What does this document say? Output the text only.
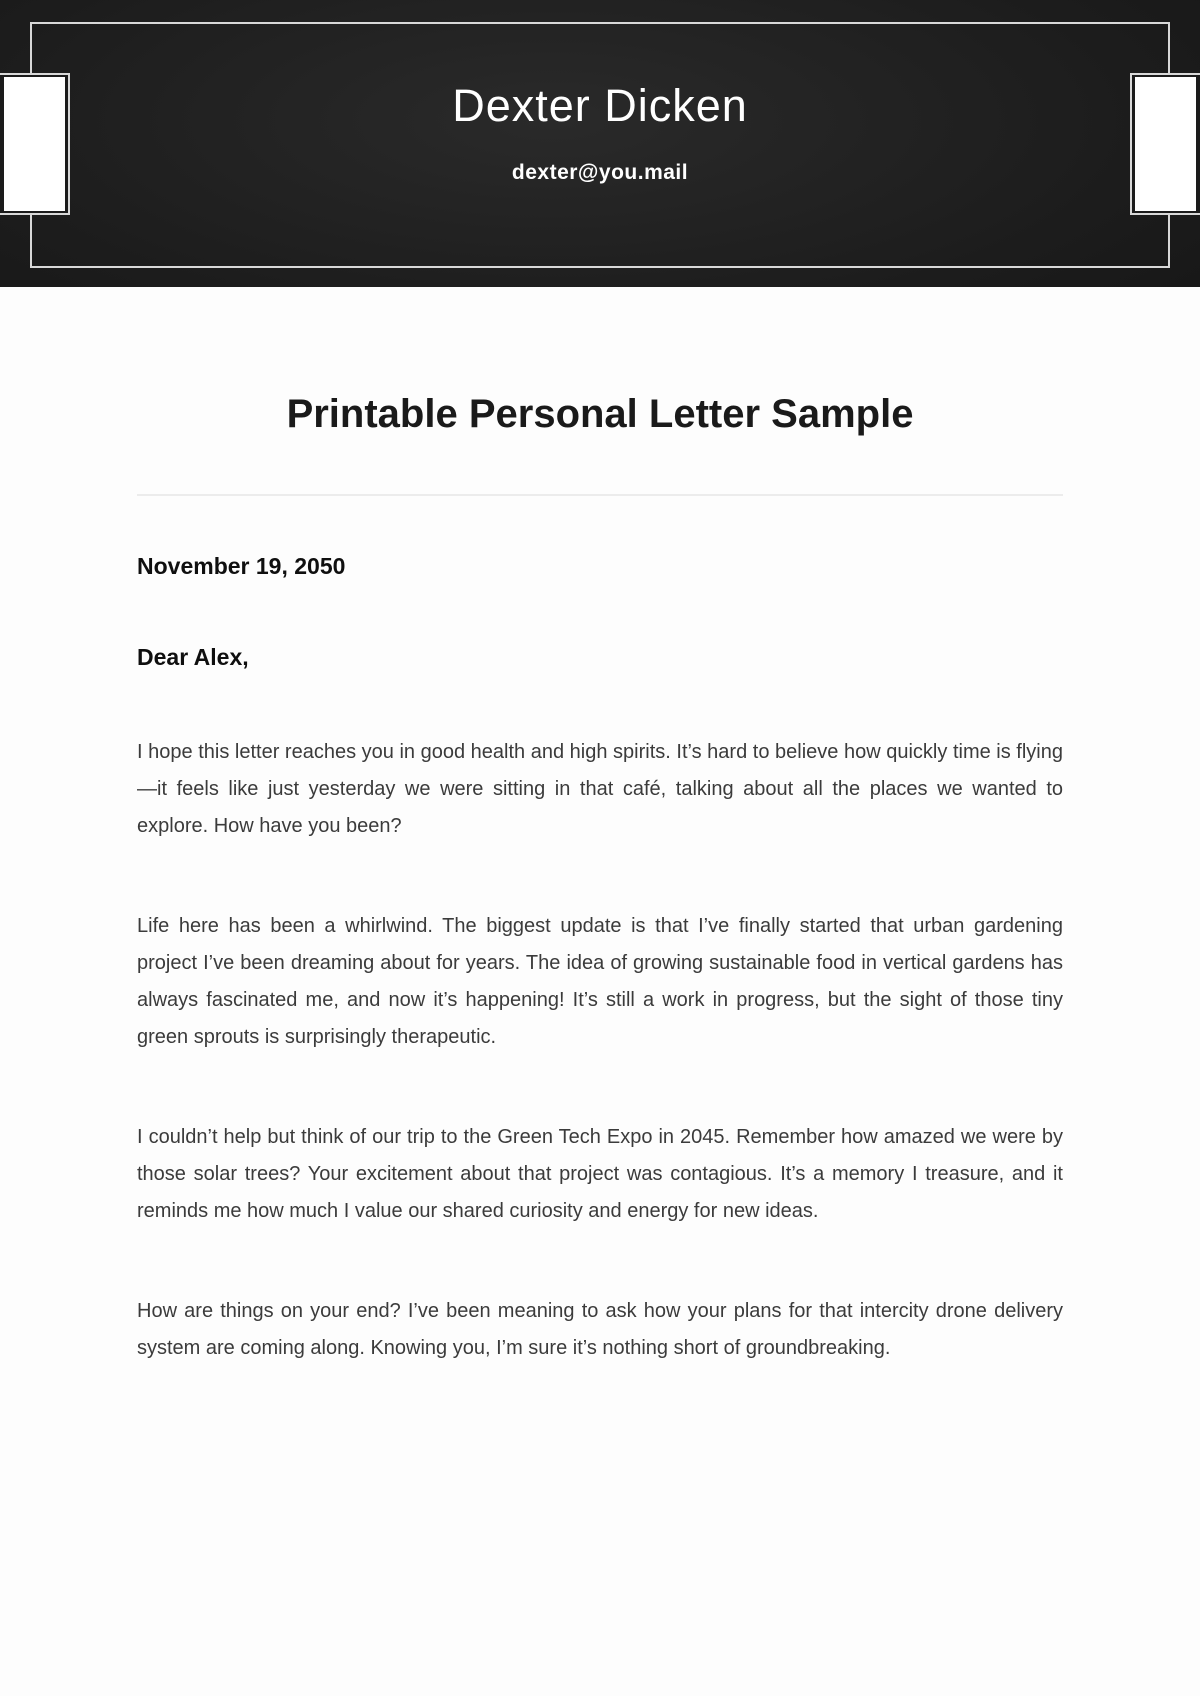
Dexter Dicken
dexter@you.mail
Printable Personal Letter Sample
November 19, 2050
Dear Alex,

I hope this letter reaches you in good health and high spirits. It’s hard to believe how quickly time is flying—it feels like just yesterday we were sitting in that café, talking about all the places we wanted to explore. How have you been?

Life here has been a whirlwind. The biggest update is that I’ve finally started that urban gardening project I’ve been dreaming about for years. The idea of growing sustainable food in vertical gardens has always fascinated me, and now it’s happening! It’s still a work in progress, but the sight of those tiny green sprouts is surprisingly therapeutic.

I couldn’t help but think of our trip to the Green Tech Expo in 2045. Remember how amazed we were by those solar trees? Your excitement about that project was contagious. It’s a memory I treasure, and it reminds me how much I value our shared curiosity and energy for new ideas.

How are things on your end? I’ve been meaning to ask how your plans for that intercity drone delivery system are coming along. Knowing you, I’m sure it’s nothing short of groundbreaking.
